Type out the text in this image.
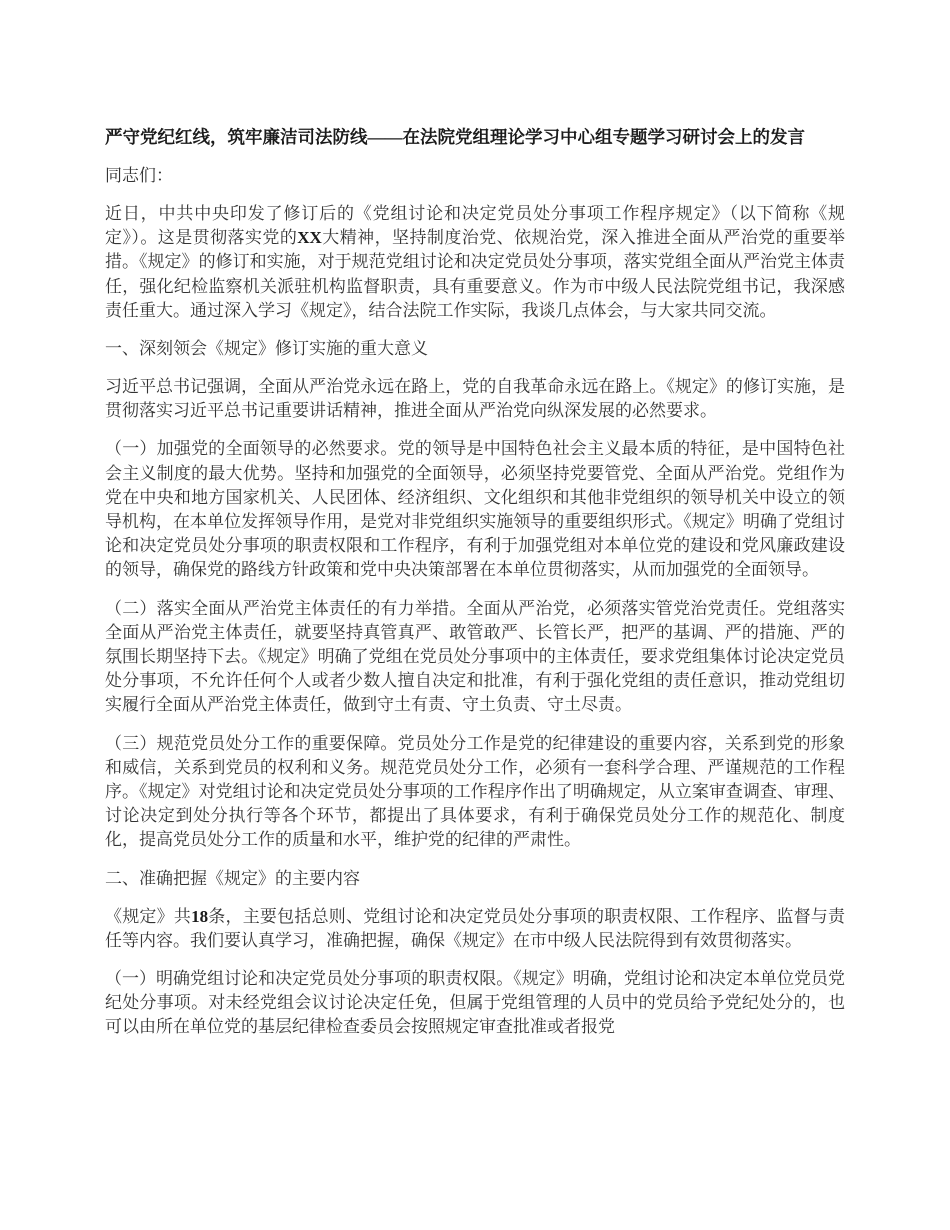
严守党纪红线，筑牢廉洁司法防线——在法院党组理论学习中心组专题学习研讨会上的发言

同志们：

近日，中共中央印发了修订后的《党组讨论和决定党员处分事项工作程序规定》（以下简称《规定》）。这是贯彻落实党的XX大精神，坚持制度治党、依规治党，深入推进全面从严治党的重要举措。《规定》的修订和实施，对于规范党组讨论和决定党员处分事项，落实党组全面从严治党主体责任，强化纪检监察机关派驻机构监督职责，具有重要意义。作为市中级人民法院党组书记，我深感责任重大。通过深入学习《规定》，结合法院工作实际，我谈几点体会，与大家共同交流。

一、深刻领会《规定》修订实施的重大意义

习近平总书记强调，全面从严治党永远在路上，党的自我革命永远在路上。《规定》的修订实施，是贯彻落实习近平总书记重要讲话精神，推进全面从严治党向纵深发展的必然要求。

（一）加强党的全面领导的必然要求。党的领导是中国特色社会主义最本质的特征，是中国特色社会主义制度的最大优势。坚持和加强党的全面领导，必须坚持党要管党、全面从严治党。党组作为党在中央和地方国家机关、人民团体、经济组织、文化组织和其他非党组织的领导机关中设立的领导机构，在本单位发挥领导作用，是党对非党组织实施领导的重要组织形式。《规定》明确了党组讨论和决定党员处分事项的职责权限和工作程序，有利于加强党组对本单位党的建设和党风廉政建设的领导，确保党的路线方针政策和党中央决策部署在本单位贯彻落实，从而加强党的全面领导。

（二）落实全面从严治党主体责任的有力举措。全面从严治党，必须落实管党治党责任。党组落实全面从严治党主体责任，就要坚持真管真严、敢管敢严、长管长严，把严的基调、严的措施、严的氛围长期坚持下去。《规定》明确了党组在党员处分事项中的主体责任，要求党组集体讨论决定党员处分事项，不允许任何个人或者少数人擅自决定和批准，有利于强化党组的责任意识，推动党组切实履行全面从严治党主体责任，做到守土有责、守土负责、守土尽责。

（三）规范党员处分工作的重要保障。党员处分工作是党的纪律建设的重要内容，关系到党的形象和威信，关系到党员的权利和义务。规范党员处分工作，必须有一套科学合理、严谨规范的工作程序。《规定》对党组讨论和决定党员处分事项的工作程序作出了明确规定，从立案审查调查、审理、讨论决定到处分执行等各个环节，都提出了具体要求，有利于确保党员处分工作的规范化、制度化，提高党员处分工作的质量和水平，维护党的纪律的严肃性。

二、准确把握《规定》的主要内容

《规定》共18条，主要包括总则、党组讨论和决定党员处分事项的职责权限、工作程序、监督与责任等内容。我们要认真学习，准确把握，确保《规定》在市中级人民法院得到有效贯彻落实。

（一）明确党组讨论和决定党员处分事项的职责权限。《规定》明确，党组讨论和决定本单位党员党纪处分事项。对未经党组会议讨论决定任免，但属于党组管理的人员中的党员给予党纪处分的，也可以由所在单位党的基层纪律检查委员会按照规定审查批准或者报党
